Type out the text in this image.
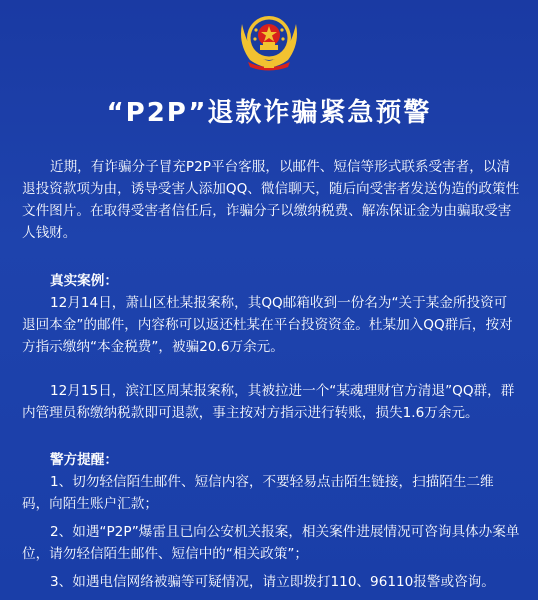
“P2P”退款诈骗紧急预警

近期，有诈骗分子冒充P2P平台客服，以邮件、短信等形式联系受害者，以清退投资款项为由，诱导受害人添加QQ、微信聊天，随后向受害者发送伪造的政策性文件图片。在取得受害者信任后，诈骗分子以缴纳税费、解冻保证金为由骗取受害人钱财。

真实案例：

12月14日，萧山区杜某报案称，其QQ邮箱收到一份名为“关于某金所投资可退回本金”的邮件，内容称可以返还杜某在平台投资资金。杜某加入QQ群后，按对方指示缴纳“本金税费”，被骗20.6万余元。

12月15日，滨江区周某报案称，其被拉进一个“某魂理财官方清退”QQ群，群内管理员称缴纳税款即可退款，事主按对方指示进行转账，损失1.6万余元。

警方提醒：

1、切勿轻信陌生邮件、短信内容，不要轻易点击陌生链接，扫描陌生二维码，向陌生账户汇款；

2、如遇“P2P”爆雷且已向公安机关报案，相关案件进展情况可咨询具体办案单位，请勿轻信陌生邮件、短信中的“相关政策”；

3、如遇电信网络被骗等可疑情况，请立即拨打110、96110报警或咨询。
